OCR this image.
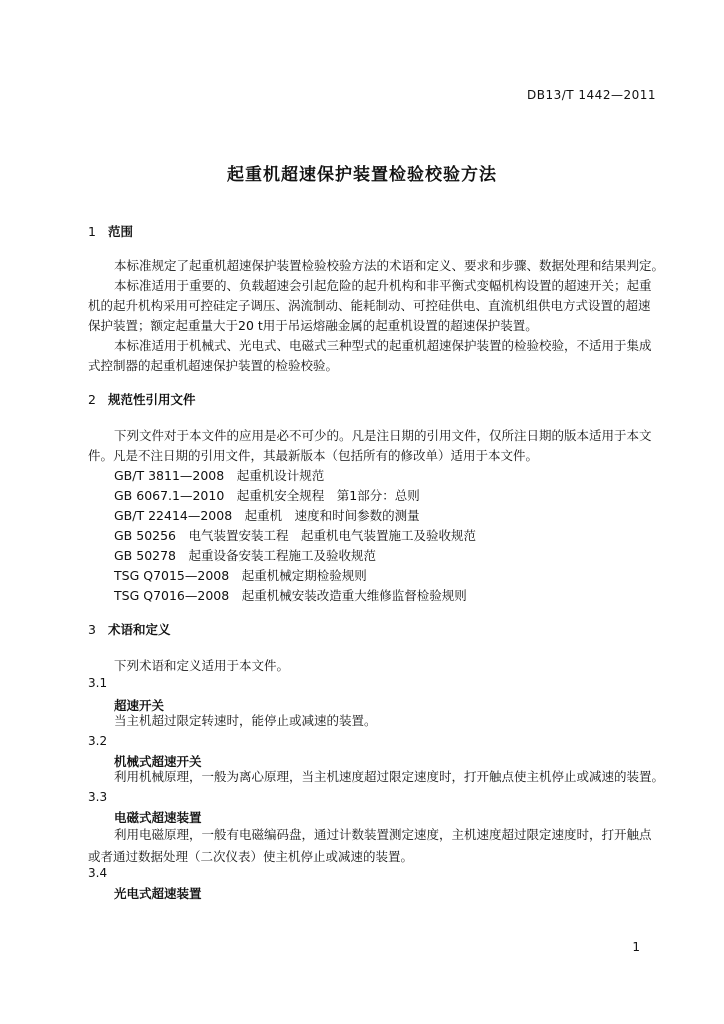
DB13/T 1442—2011
起重机超速保护装置检验校验方法
1 范围
本标准规定了起重机超速保护装置检验校验方法的术语和定义、要求和步骤、数据处理和结果判定。
本标准适用于重要的、负载超速会引起危险的起升机构和非平衡式变幅机构设置的超速开关；起重
机的起升机构采用可控硅定子调压、涡流制动、能耗制动、可控硅供电、直流机组供电方式设置的超速
保护装置；额定起重量大于20 t用于吊运熔融金属的起重机设置的超速保护装置。
本标准适用于机械式、光电式、电磁式三种型式的起重机超速保护装置的检验校验，不适用于集成
式控制器的起重机超速保护装置的检验校验。
2 规范性引用文件
下列文件对于本文件的应用是必不可少的。凡是注日期的引用文件，仅所注日期的版本适用于本文
件。凡是不注日期的引用文件，其最新版本（包括所有的修改单）适用于本文件。
GB/T 3811—2008　起重机设计规范
GB 6067.1—2010　起重机安全规程　第1部分：总则
GB/T 22414—2008　起重机　速度和时间参数的测量
GB 50256　电气装置安装工程　起重机电气装置施工及验收规范
GB 50278　起重设备安装工程施工及验收规范
TSG Q7015—2008　起重机械定期检验规则
TSG Q7016—2008　起重机械安装改造重大维修监督检验规则
3 术语和定义
下列术语和定义适用于本文件。
3.1
超速开关
当主机超过限定转速时，能停止或减速的装置。
3.2
机械式超速开关
利用机械原理，一般为离心原理，当主机速度超过限定速度时，打开触点使主机停止或减速的装置。
3.3
电磁式超速装置
利用电磁原理，一般有电磁编码盘，通过计数装置测定速度，主机速度超过限定速度时，打开触点
或者通过数据处理（二次仪表）使主机停止或减速的装置。
3.4
光电式超速装置
1
